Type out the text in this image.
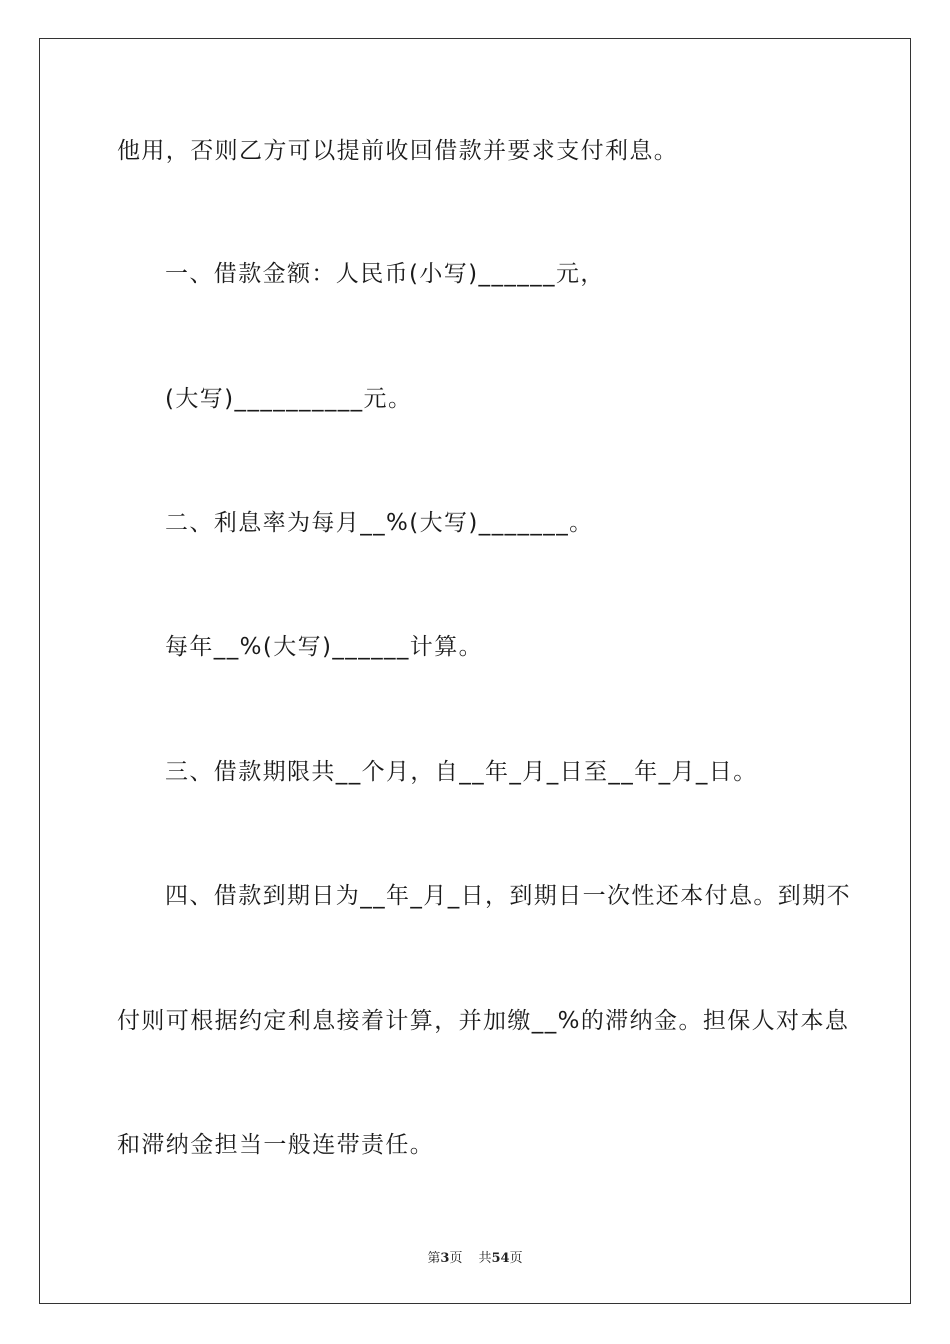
他用，否则乙方可以提前收回借款并要求支付利息。
一、借款金额：人民币(小写)______元，
(大写)__________元。
二、利息率为每月__%(大写)_______。
每年__%(大写)______计算。
三、借款期限共__个月，自__年_月_日至__年_月_日。
四、借款到期日为__年_月_日，到期日一次性还本付息。到期不
付则可根据约定利息接着计算，并加缴__%的滞纳金。担保人对本息
和滞纳金担当一般连带责任。
第3页 共54页
